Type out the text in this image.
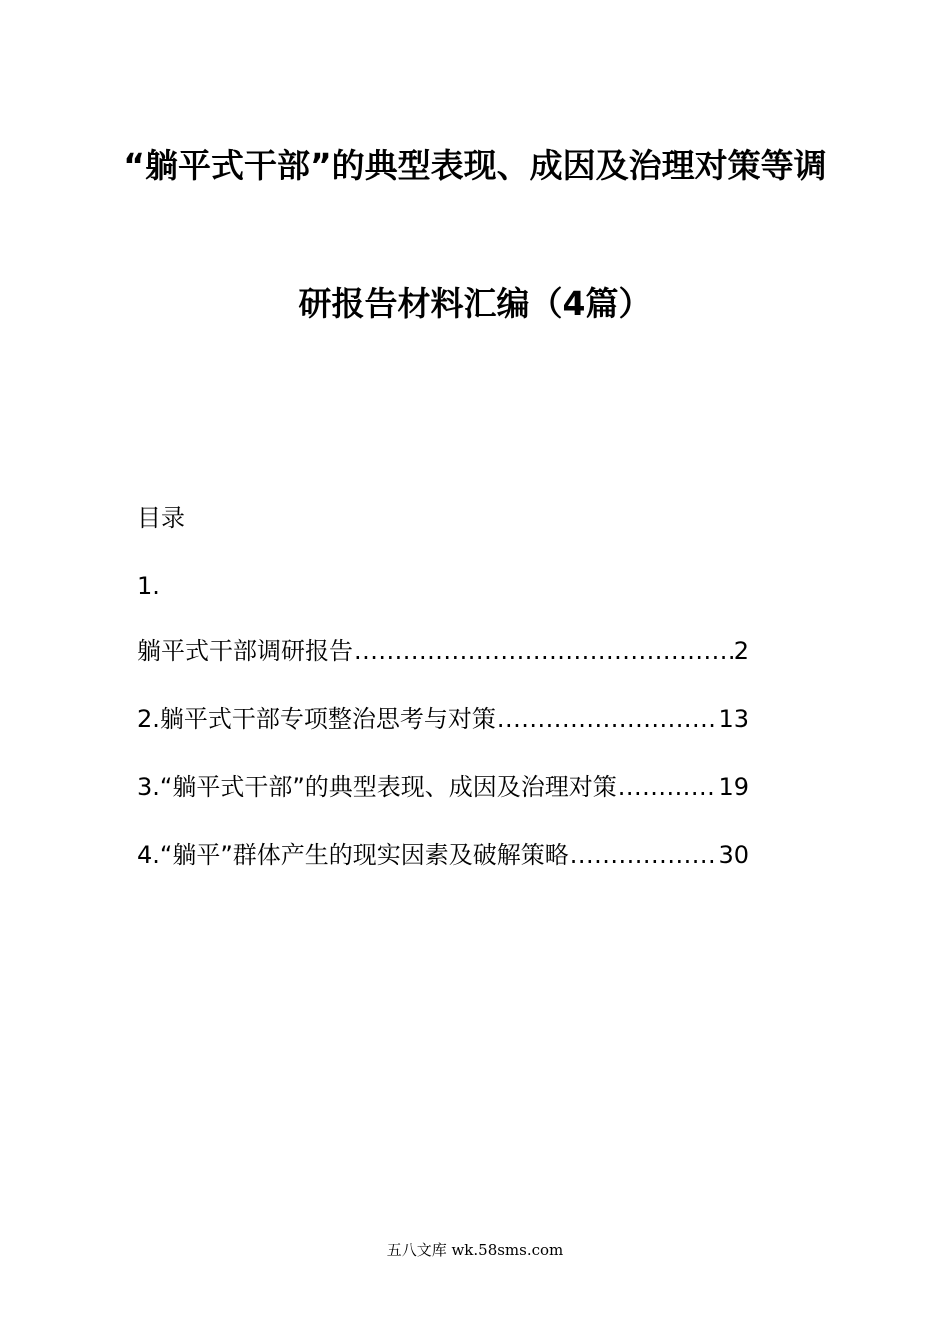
“躺平式干部”的典型表现、成因及治理对策等调
研报告材料汇编（4篇）
目录
1.
躺平式干部调研报告 .....	2
2.躺平式干部专项整治思考与对策 .....	13
3.“躺平式干部”的典型表现、成因及治理对策 .....	19
4.“躺平”群体产生的现实因素及破解策略 .....	30
五八文库 wk.58sms.com
